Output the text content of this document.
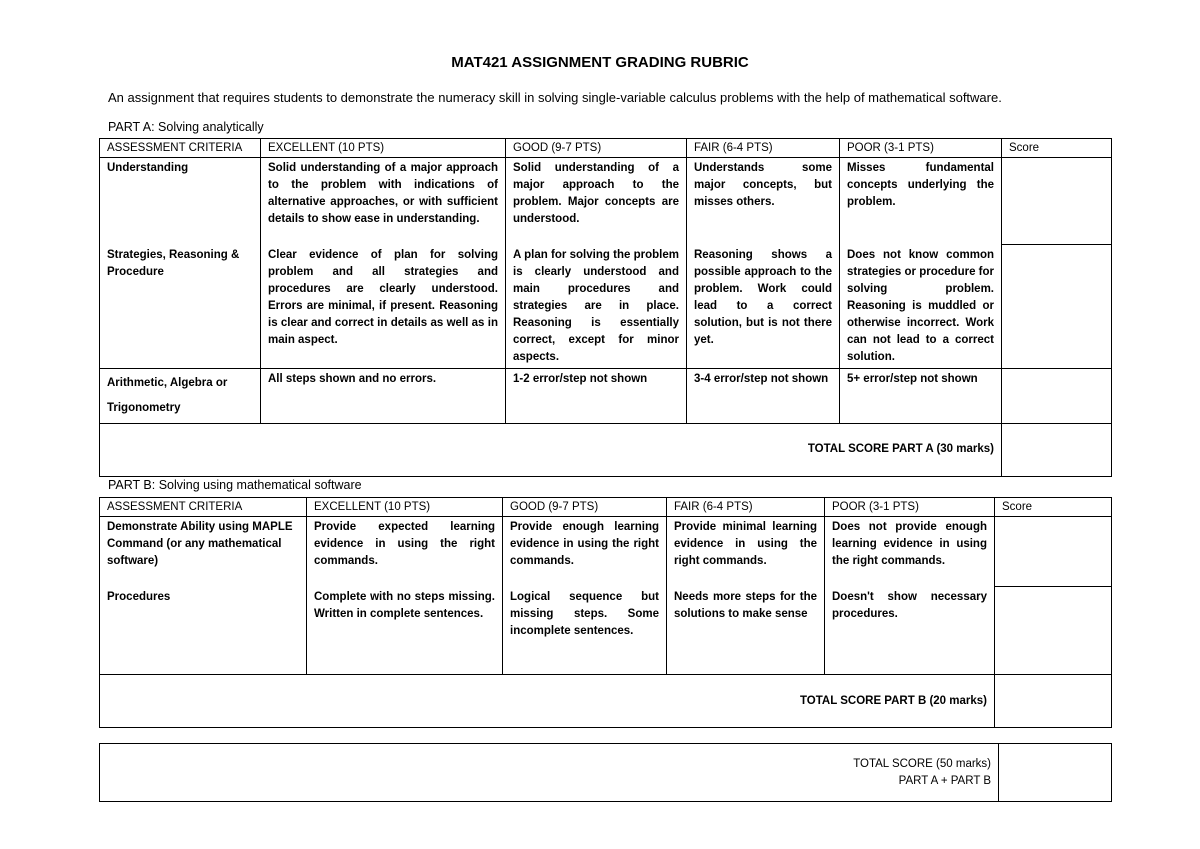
MAT421 ASSIGNMENT GRADING RUBRIC
An assignment that requires students to demonstrate the numeracy skill in solving single-variable calculus problems with the help of mathematical software.
PART A: Solving analytically
ASSESSMENT CRITERIA	EXCELLENT (10 PTS)	GOOD (9-7 PTS)	FAIR (6-4 PTS)	POOR (3-1 PTS)	Score
Understanding	Solid understanding of a major approach to the problem with indications of alternative approaches, or with sufficient details to show ease in understanding.	Solid understanding of a major approach to the problem. Major concepts are understood.	Understands some major concepts, but misses others.	Misses fundamental concepts underlying the problem.	
Strategies, Reasoning & Procedure	Clear evidence of plan for solving problem and all strategies and procedures are clearly understood. Errors are minimal, if present. Reasoning is clear and correct in details as well as in main aspect.	A plan for solving the problem is clearly understood and main procedures and strategies are in place. Reasoning is essentially correct, except for minor aspects.	Reasoning shows a possible approach to the problem. Work could lead to a correct solution, but is not there yet.	Does not know common strategies or procedure for solving problem. Reasoning is muddled or otherwise incorrect. Work can not lead to a correct solution.	
Arithmetic, Algebra or Trigonometry	All steps shown and no errors.	1-2 error/step not shown	3-4 error/step not shown	5+ error/step not shown	
TOTAL SCORE PART A (30 marks)					
PART B: Solving using mathematical software
ASSESSMENT CRITERIA	EXCELLENT (10 PTS)	GOOD (9-7 PTS)	FAIR (6-4 PTS)	POOR (3-1 PTS)	Score
Demonstrate Ability using MAPLE Command (or any mathematical software)	Provide expected learning evidence in using the right commands.	Provide enough learning evidence in using the right commands.	Provide minimal learning evidence in using the right commands.	Does not provide enough learning evidence in using the right commands.	
Procedures	Complete with no steps missing. Written in complete sentences.	Logical sequence but missing steps. Some incomplete sentences.	Needs more steps for the solutions to make sense	Doesn't show necessary procedures.	
TOTAL SCORE PART B (20 marks)					
TOTAL SCORE (50 marks)
PART A + PART B
